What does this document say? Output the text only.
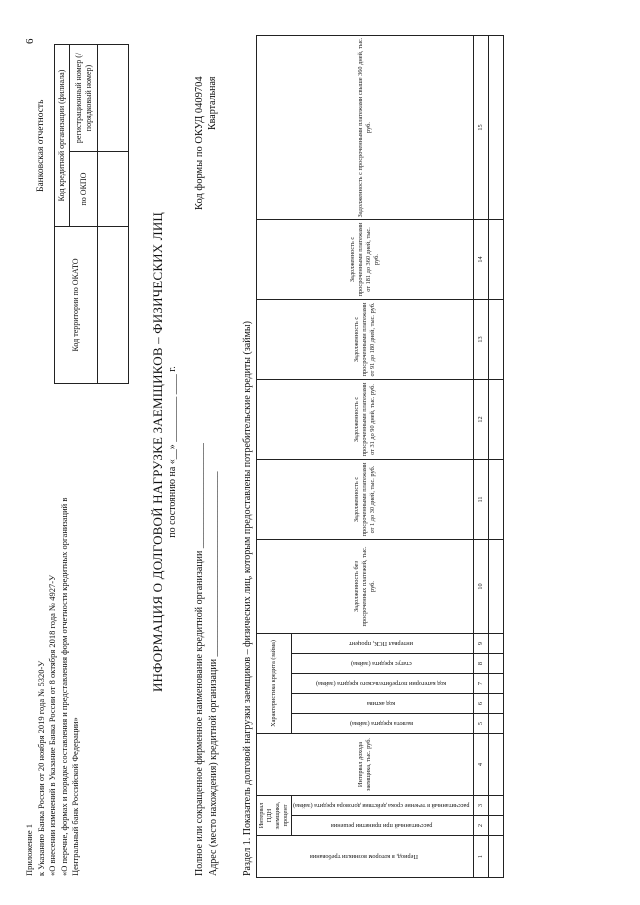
6
Приложение 1 к Указанию Банка России от 20 ноября 2019 года № 5320-У «О внесении изменений в Указание Банка России от 8 октября 2018 года № 4927-У «О перечне, формах и порядке составления и представления форм отчетности кредитных организаций в Центральный банк Российской Федерации»
Банковская отчетность
Код территории по ОКАТО	Код кредитной организации (филиала)	
	по ОКПО	регистрационный номер (/порядковый номер)

ИНФОРМАЦИЯ О ДОЛГОВОЙ НАГРУЗКЕ ЗАЕМЩИКОВ – ФИЗИЧЕСКИХ ЛИЦ по состоянию на «__» _________ ____ г. Полное или сокращенное фирменное наименование кредитной организации _____________________ Адрес (место нахождения) кредитной организации _____________________________________
Код формы по ОКУД 0409704 Квартальная
Раздел 1. Показатель долговой нагрузки заемщиков – физических лиц, которым предоставлены потребительские кредиты (займы)	Период, в котором возникли требования	Интервал ПДН заемщика, процент		Интервал дохода заемщика, тыс. руб.	Характеристика кредита (займа)					Задолженность без просроченных платежей, тыс. руб.	Задолженность с просроченными платежами от 1 до 30 дней, тыс. руб.	Задолженность с просроченными платежами от 31 до 90 дней, тыс. руб.	Задолженность с просроченными платежами от 91 до 180 дней, тыс. руб.	Задолженность с просроченными платежами от 181 до 360 дней, тыс. руб.	Задолженность с просроченными платежами свыше 360 дней, тыс. руб.
	рассчитанный при принятии решения	рассчитанный в течение срока действия договора кредита (займа)		валюта кредита (займа)	код актива	код категории потребительского кредита (займа)	статус кредита (займа)	интервал ПСК, процент						
1	2	3	4	5	6	7	8	9	10	11	12	13	14	15
